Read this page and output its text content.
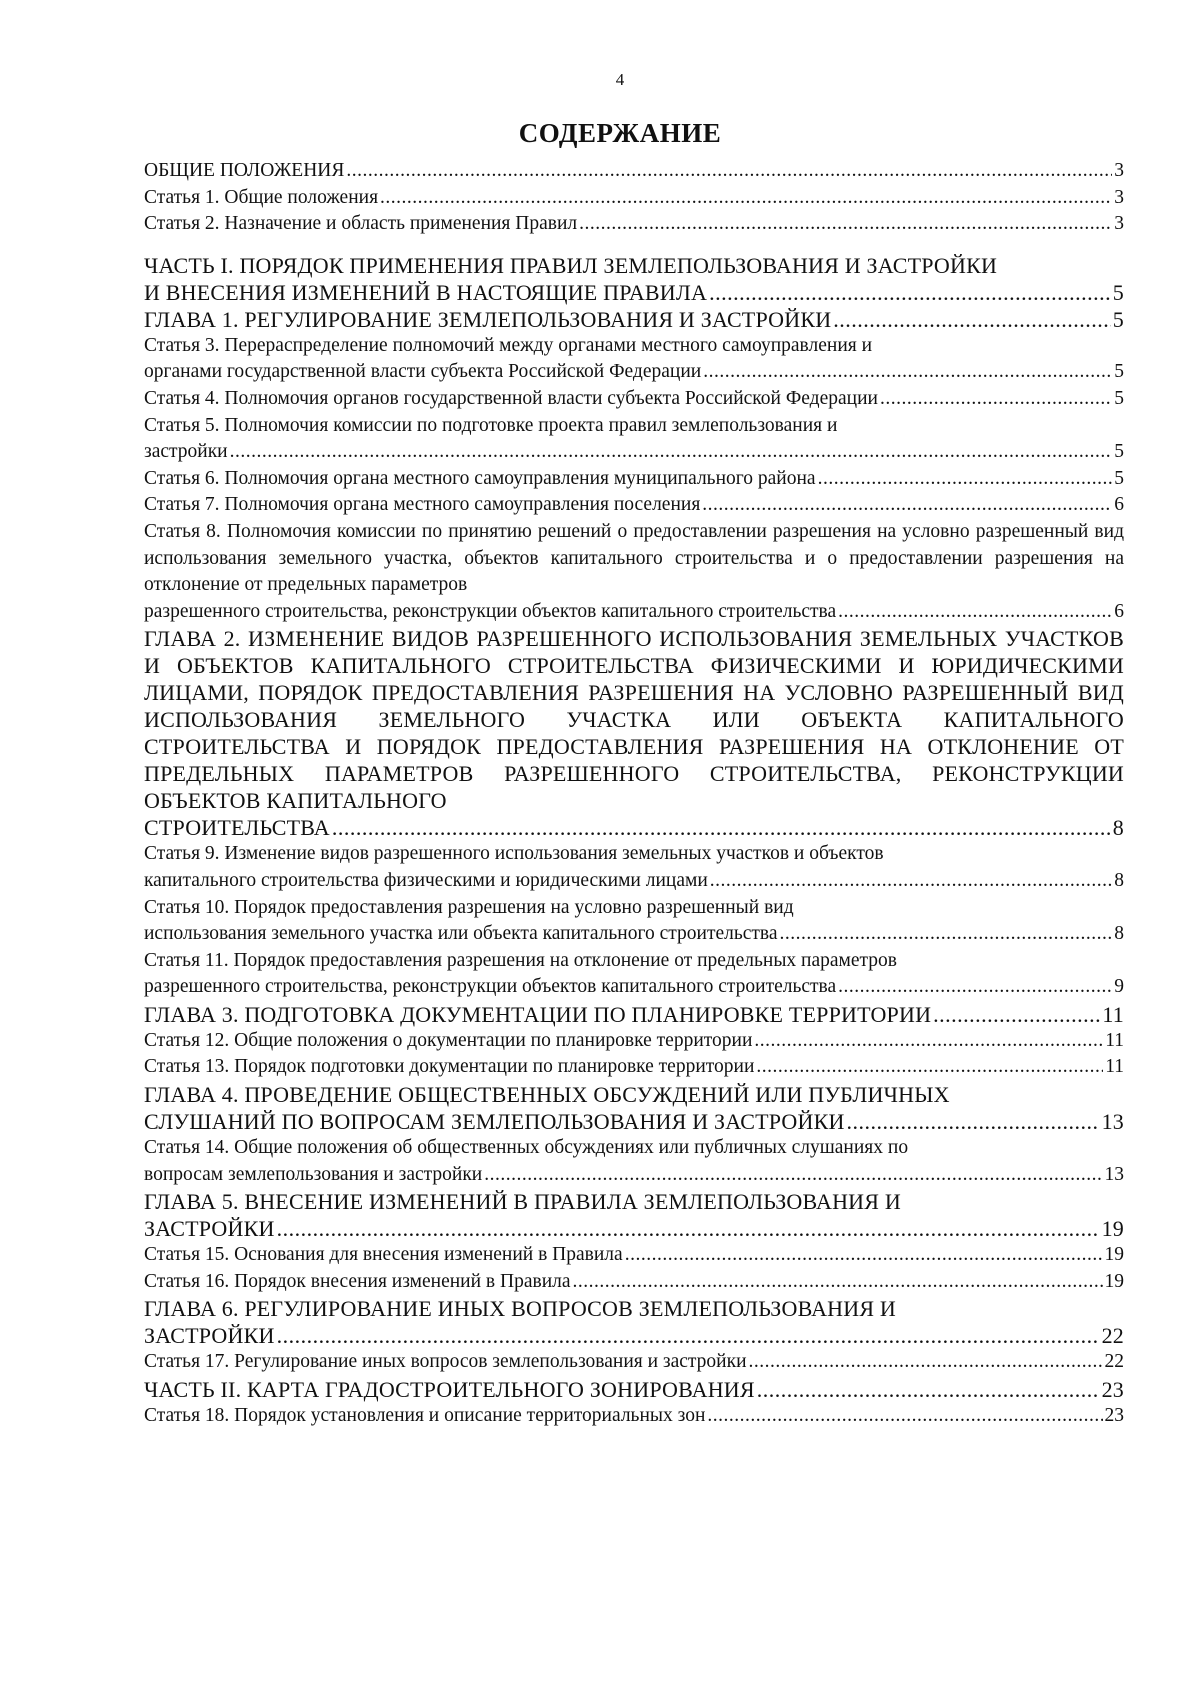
4
СОДЕРЖАНИЕ
ОБЩИЕ ПОЛОЖЕНИЯ .....	3
Статья 1. Общие положения .....	3
Статья 2. Назначение и область применения Правил .....	3
ЧАСТЬ I. ПОРЯДОК ПРИМЕНЕНИЯ ПРАВИЛ ЗЕМЛЕПОЛЬЗОВАНИЯ И ЗАСТРОЙКИ
И ВНЕСЕНИЯ ИЗМЕНЕНИЙ В НАСТОЯЩИЕ ПРАВИЛА .....	5
ГЛАВА 1. РЕГУЛИРОВАНИЕ ЗЕМЛЕПОЛЬЗОВАНИЯ И ЗАСТРОЙКИ .....	5
Статья 3. Перераспределение полномочий между органами местного самоуправления и
органами государственной власти субъекта Российской Федерации .....	5
Статья 4. Полномочия органов государственной власти субъекта Российской Федерации .....	5
Статья 5. Полномочия комиссии по подготовке проекта правил землепользования и
застройки .....	5
Статья 6. Полномочия органа местного самоуправления муниципального района .....	5
Статья 7. Полномочия органа местного самоуправления поселения .....	6
Статья 8. Полномочия комиссии по принятию решений о предоставлении разрешения на условно разрешенный вид использования земельного участка, объектов капитального строительства и о предоставлении разрешения на отклонение от предельных параметров
разрешенного строительства, реконструкции объектов капитального строительства .....	6
ГЛАВА 2. ИЗМЕНЕНИЕ ВИДОВ РАЗРЕШЕННОГО ИСПОЛЬЗОВАНИЯ ЗЕМЕЛЬНЫХ УЧАСТКОВ И ОБЪЕКТОВ КАПИТАЛЬНОГО СТРОИТЕЛЬСТВА ФИЗИЧЕСКИМИ И ЮРИДИЧЕСКИМИ ЛИЦАМИ, ПОРЯДОК ПРЕДОСТАВЛЕНИЯ РАЗРЕШЕНИЯ НА УСЛОВНО РАЗРЕШЕННЫЙ ВИД ИСПОЛЬЗОВАНИЯ ЗЕМЕЛЬНОГО УЧАСТКА ИЛИ ОБЪЕКТА КАПИТАЛЬНОГО СТРОИТЕЛЬСТВА И ПОРЯДОК ПРЕДОСТАВЛЕНИЯ РАЗРЕШЕНИЯ НА ОТКЛОНЕНИЕ ОТ ПРЕДЕЛЬНЫХ ПАРАМЕТРОВ РАЗРЕШЕННОГО СТРОИТЕЛЬСТВА, РЕКОНСТРУКЦИИ ОБЪЕКТОВ КАПИТАЛЬНОГО
СТРОИТЕЛЬСТВА .....	8
Статья 9. Изменение видов разрешенного использования земельных участков и объектов
капитального строительства физическими и юридическими лицами .....	8
Статья 10. Порядок предоставления разрешения на условно разрешенный вид
использования земельного участка или объекта капитального строительства .....	8
Статья 11. Порядок предоставления разрешения на отклонение от предельных параметров
разрешенного строительства, реконструкции объектов капитального строительства .....	9
ГЛАВА 3. ПОДГОТОВКА ДОКУМЕНТАЦИИ ПО ПЛАНИРОВКЕ ТЕРРИТОРИИ .....	11
Статья 12. Общие положения о документации по планировке территории .....	11
Статья 13. Порядок подготовки документации по планировке территории .....	11
ГЛАВА 4. ПРОВЕДЕНИЕ ОБЩЕСТВЕННЫХ ОБСУЖДЕНИЙ ИЛИ ПУБЛИЧНЫХ
СЛУШАНИЙ ПО ВОПРОСАМ ЗЕМЛЕПОЛЬЗОВАНИЯ И ЗАСТРОЙКИ .....	13
Статья 14. Общие положения об общественных обсуждениях или публичных слушаниях по
вопросам землепользования и застройки .....	13
ГЛАВА 5. ВНЕСЕНИЕ ИЗМЕНЕНИЙ В ПРАВИЛА ЗЕМЛЕПОЛЬЗОВАНИЯ И
ЗАСТРОЙКИ .....	19
Статья 15. Основания для внесения изменений в Правила .....	19
Статья 16. Порядок внесения изменений в Правила .....	19
ГЛАВА 6. РЕГУЛИРОВАНИЕ ИНЫХ ВОПРОСОВ ЗЕМЛЕПОЛЬЗОВАНИЯ И
ЗАСТРОЙКИ .....	22
Статья 17. Регулирование иных вопросов землепользования и застройки .....	22
ЧАСТЬ II. КАРТА ГРАДОСТРОИТЕЛЬНОГО ЗОНИРОВАНИЯ .....	23
Статья 18. Порядок установления и описание территориальных зон .....	23
